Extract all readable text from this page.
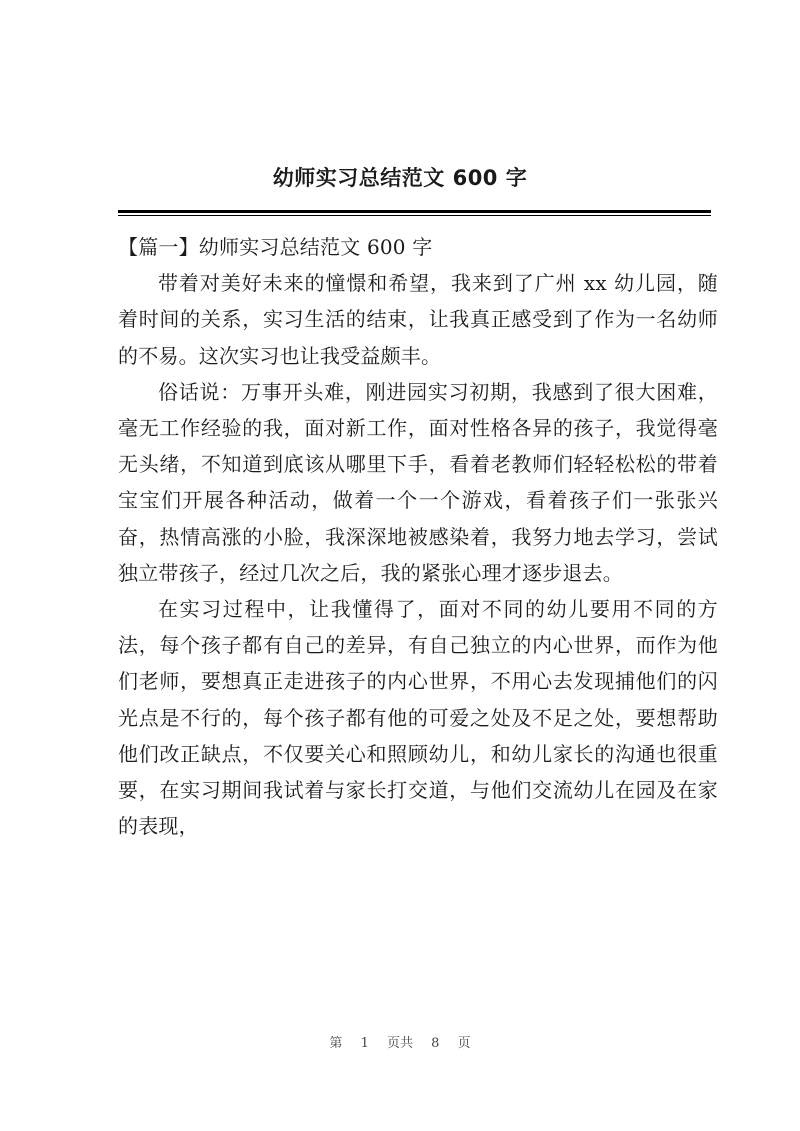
幼师实习总结范文 600 字

【篇一】幼师实习总结范文 600 字

带着对美好未来的憧憬和希望，我来到了广州 xx 幼儿园，随着时间的关系，实习生活的结束，让我真正感受到了作为一名幼师的不易。这次实习也让我受益颇丰。

俗话说：万事开头难，刚进园实习初期，我感到了很大困难，毫无工作经验的我，面对新工作，面对性格各异的孩子，我觉得毫无头绪，不知道到底该从哪里下手，看着老教师们轻轻松松的带着宝宝们开展各种活动，做着一个一个游戏，看着孩子们一张张兴奋，热情高涨的小脸，我深深地被感染着，我努力地去学习，尝试独立带孩子，经过几次之后，我的紧张心理才逐步退去。

在实习过程中，让我懂得了，面对不同的幼儿要用不同的方法，每个孩子都有自己的差异，有自己独立的内心世界，而作为他们老师，要想真正走进孩子的内心世界，不用心去发现捕他们的闪光点是不行的，每个孩子都有他的可爱之处及不足之处，要想帮助他们改正缺点，不仅要关心和照顾幼儿，和幼儿家长的沟通也很重要，在实习期间我试着与家长打交道，与他们交流幼儿在园及在家的表现，

第 1 页共 8 页
